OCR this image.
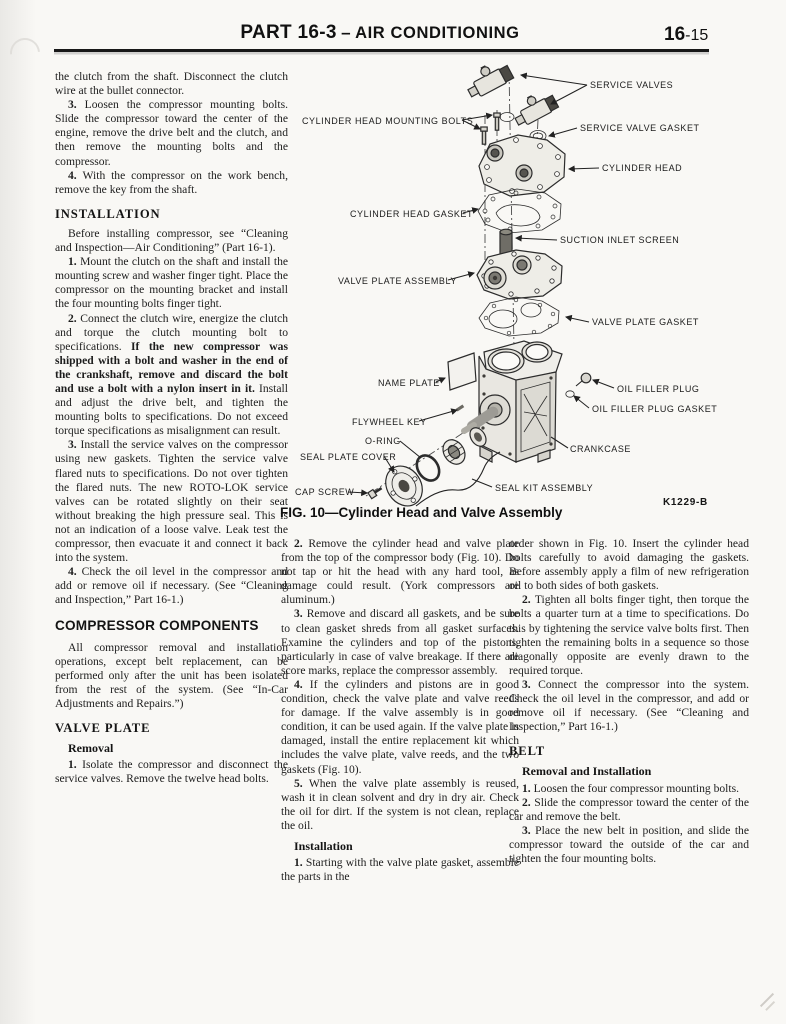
PART 16-3 – AIR CONDITIONING	16-15

the clutch from the shaft. Disconnect the clutch wire at the bullet connector.

3. Loosen the compressor mounting bolts. Slide the compressor toward the center of the engine, remove the drive belt and the clutch, and then remove the mounting bolts and the compressor.

4. With the compressor on the work bench, remove the key from the shaft.

INSTALLATION

Before installing compressor, see “Cleaning and Inspection—Air Conditioning” (Part 16-1).

1. Mount the clutch on the shaft and install the mounting screw and washer finger tight. Place the compressor on the mounting bracket and install the four mounting bolts finger tight.

2. Connect the clutch wire, energize the clutch and torque the clutch mounting bolt to specifications. If the new compressor was shipped with a bolt and washer in the end of the crankshaft, remove and discard the bolt and use a bolt with a nylon insert in it. Install and adjust the drive belt, and tighten the mounting bolts to specifications. Do not exceed torque specifications as misalignment can result.

3. Install the service valves on the compressor using new gaskets. Tighten the service valve flared nuts to specifications. Do not over tighten the flared nuts. The new ROTO-LOK service valves can be rotated slightly on their seat without breaking the high pressure seal. This is not an indication of a loose valve. Leak test the compressor, then evacuate it and connect it back into the system.

4. Check the oil level in the compressor and add or remove oil if necessary. (See “Cleaning and Inspection,” Part 16-1.)

COMPRESSOR COMPONENTS

All compressor removal and installation operations, except belt replacement, can be performed only after the unit has been isolated from the rest of the system. (See “In-Car Adjustments and Repairs.”)

VALVE PLATE
Removal

1. Isolate the compressor and disconnect the service valves. Remove the twelve head bolts.

SERVICE VALVES
CYLINDER HEAD MOUNTING BOLTS
SERVICE VALVE GASKET
CYLINDER HEAD
CYLINDER HEAD GASKET
SUCTION INLET SCREEN
VALVE PLATE ASSEMBLY
VALVE PLATE GASKET
NAME PLATE
OIL FILLER PLUG
OIL FILLER PLUG GASKET
FLYWHEEL KEY
O-RING
SEAL PLATE COVER
CRANKCASE
CAP SCREW	SEAL KIT ASSEMBLY
K1229-B
FIG. 10—Cylinder Head and Valve Assembly

2. Remove the cylinder head and valve plate from the top of the compressor body (Fig. 10). Do not tap or hit the head with any hard tool, as damage could result. (York compressors are aluminum.)

3. Remove and discard all gaskets, and be sure to clean gasket shreds from all gasket surfaces. Examine the cylinders and top of the pistons, particularly in case of valve breakage. If there are score marks, replace the compressor assembly.

4. If the cylinders and pistons are in good condition, check the valve plate and valve reeds for damage. If the valve assembly is in good condition, it can be used again. If the valve plate is damaged, install the entire replacement kit which includes the valve plate, valve reeds, and the two gaskets (Fig. 10).

5. When the valve plate assembly is reused, wash it in clean solvent and dry in dry air. Check the oil for dirt. If the system is not clean, replace the oil.

Installation

1. Starting with the valve plate gasket, assemble the parts in the

order shown in Fig. 10. Insert the cylinder head bolts carefully to avoid damaging the gaskets. Before assembly apply a film of new refrigeration oil to both sides of both gaskets.

2. Tighten all bolts finger tight, then torque the bolts a quarter turn at a time to specifications. Do this by tightening the service valve bolts first. Then tighten the remaining bolts in a sequence so those diagonally opposite are evenly drawn to the required torque.

3. Connect the compressor into the system. Check the oil level in the compressor, and add or remove oil if necessary. (See “Cleaning and Inspection,” Part 16-1.)

BELT
Removal and Installation

1. Loosen the four compressor mounting bolts.

2. Slide the compressor toward the center of the car and remove the belt.

3. Place the new belt in position, and slide the compressor toward the outside of the car and tighten the four mounting bolts.
